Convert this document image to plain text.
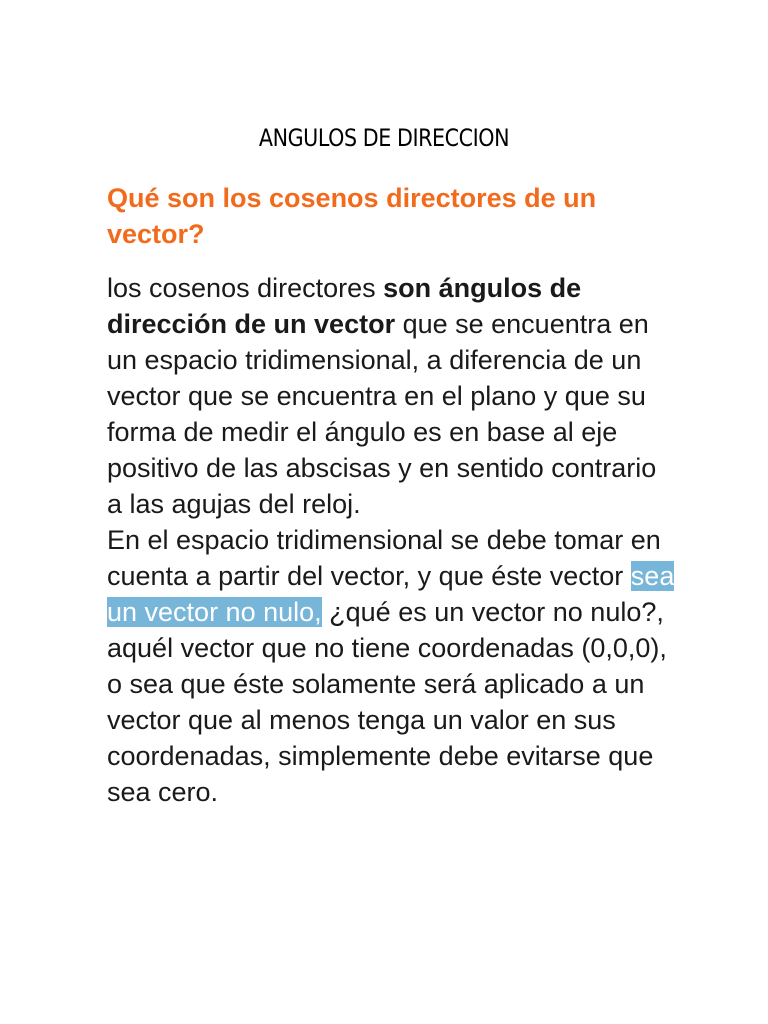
ANGULOS DE DIRECCION
Qué son los cosenos directores de un vector?
los cosenos directores son ángulos de dirección de un vector que se encuentra en un espacio tridimensional, a diferencia de un vector que se encuentra en el plano y que su forma de medir el ángulo es en base al eje positivo de las abscisas y en sentido contrario a las agujas del reloj.
En el espacio tridimensional se debe tomar en cuenta a partir del vector, y que éste vector sea un vector no nulo, ¿qué es un vector no nulo?, aquél vector que no tiene coordenadas (0,0,0), o sea que éste solamente será aplicado a un vector que al menos tenga un valor en sus coordenadas, simplemente debe evitarse que sea cero.
